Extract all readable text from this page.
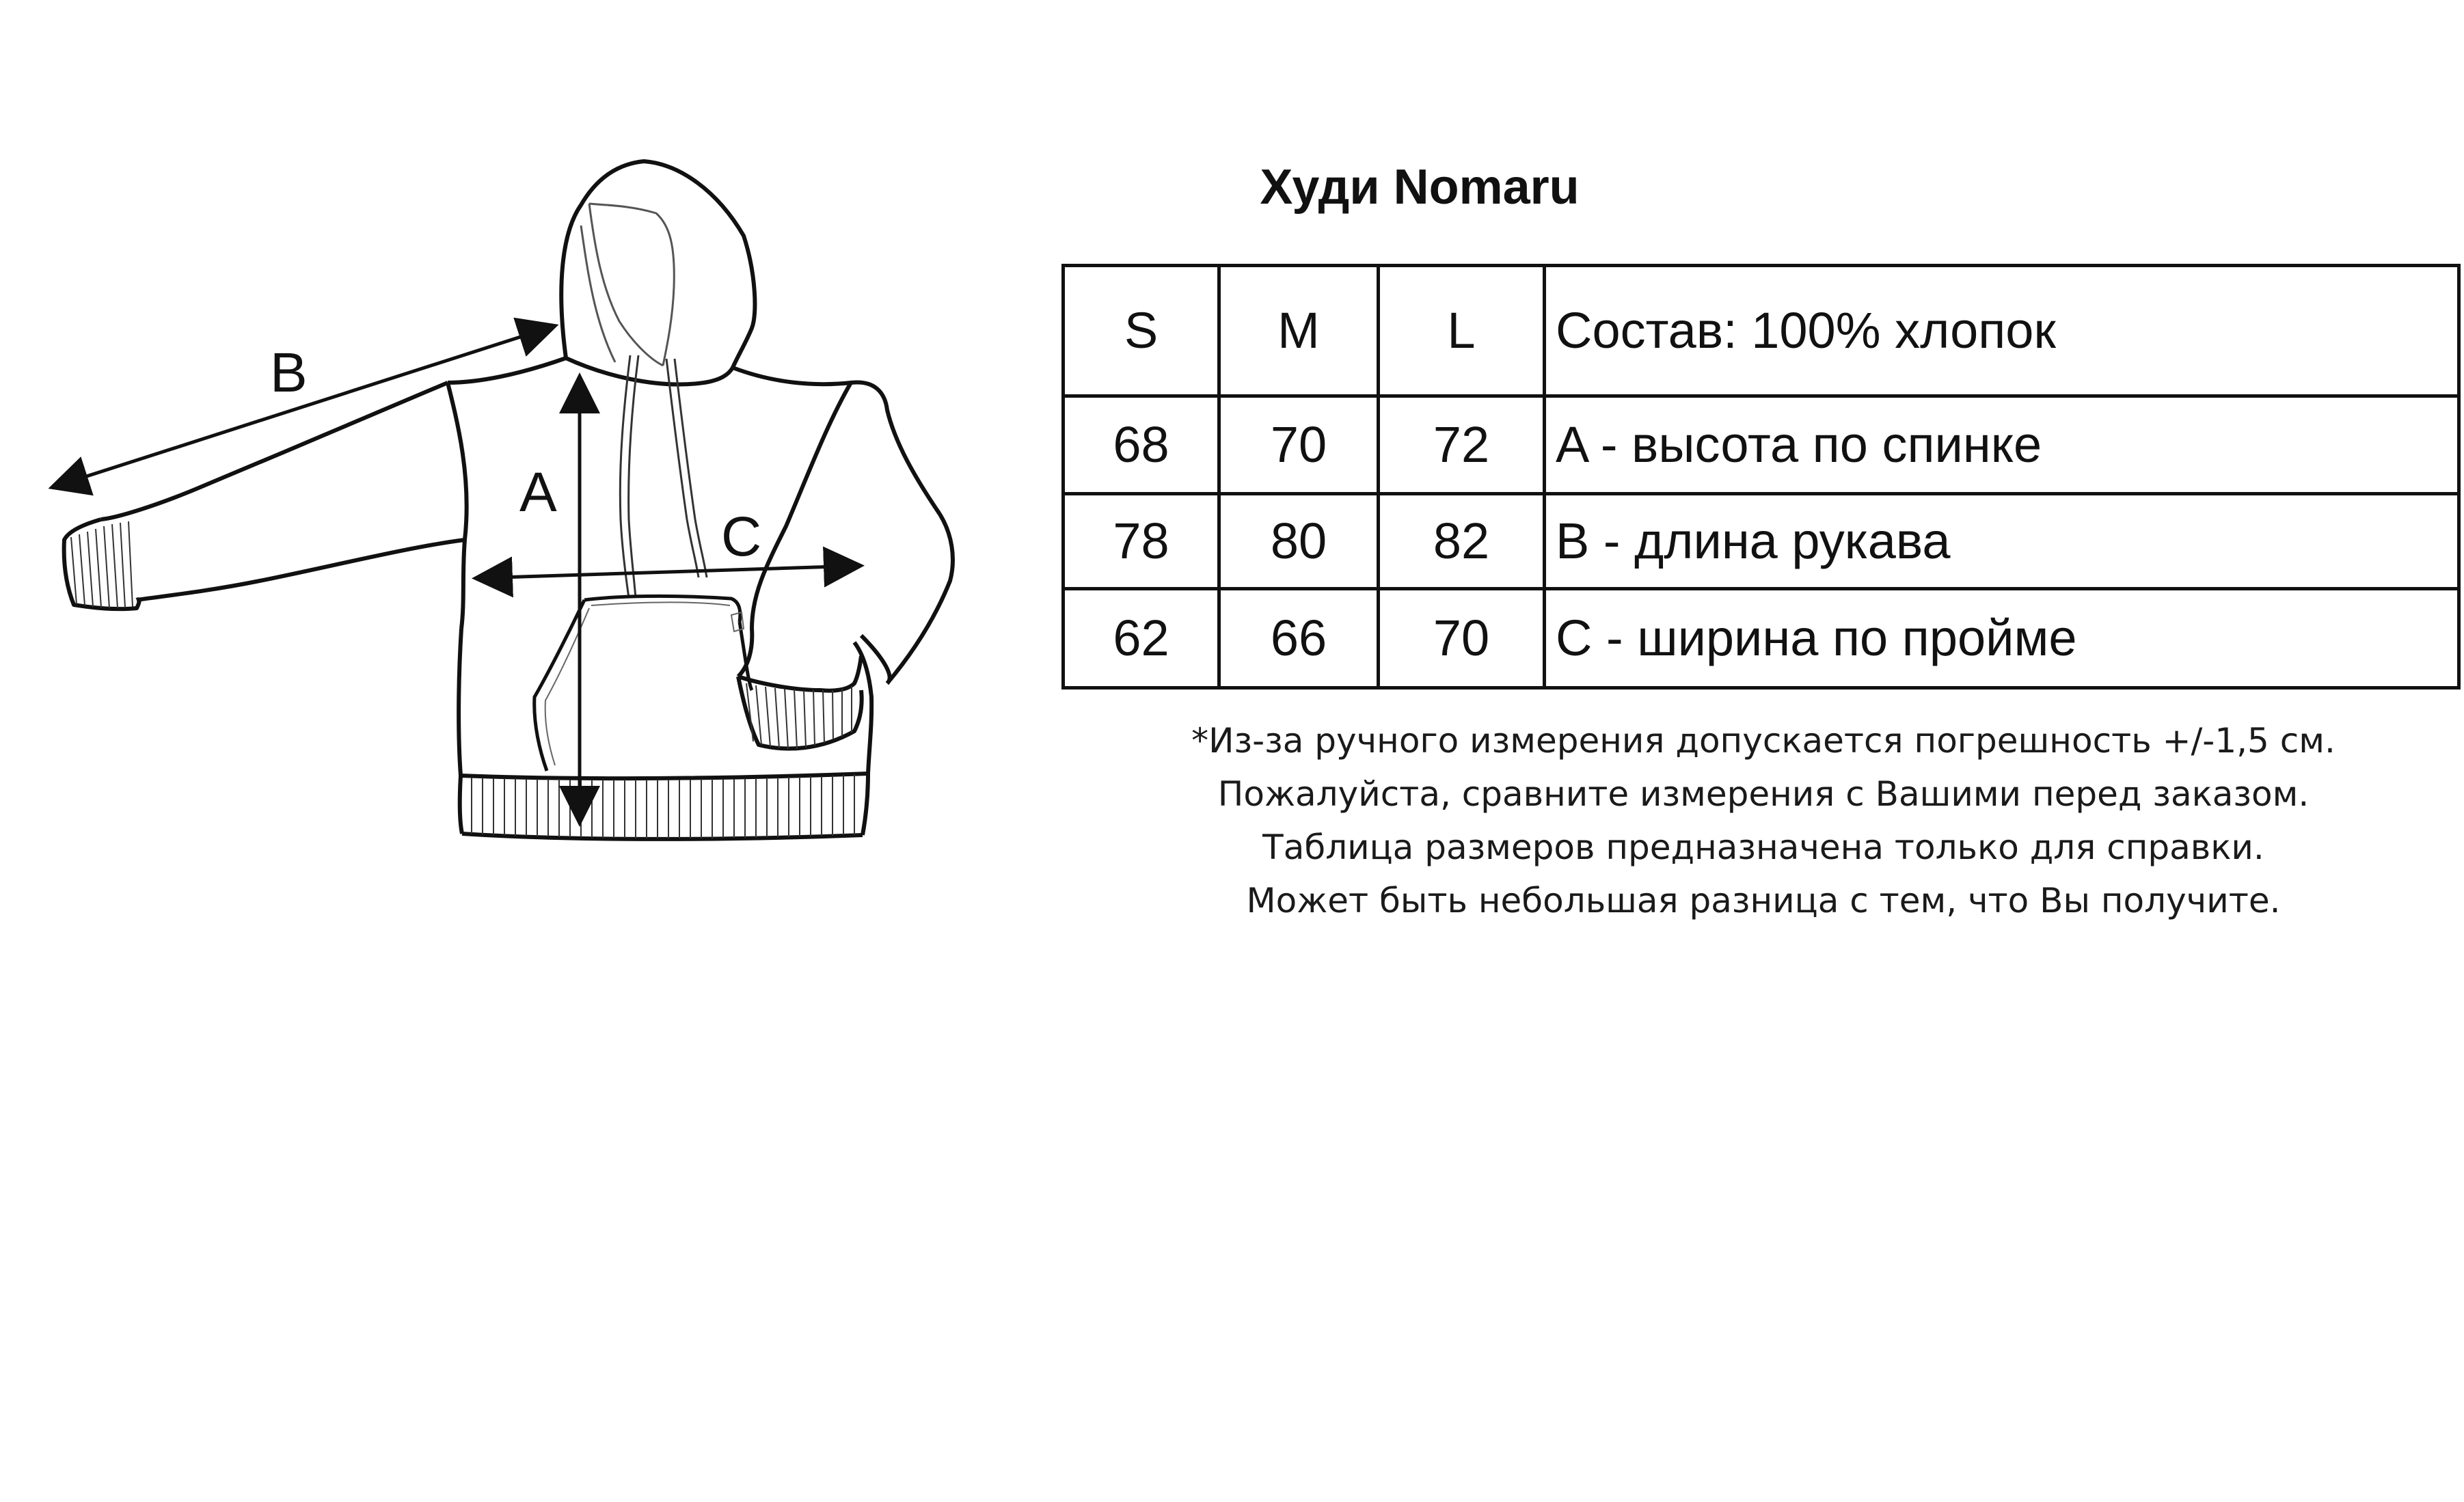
B
A
C
Худи Nomaru
S	M	L	Состав: 100% хлопок
68	70	72	A - высота по спинке
78	80	82	B - длина рукава
62	66	70	C - ширина по пройме
*Из-за ручного измерения допускается погрешность +/-1,5 см.
Пожалуйста, сравните измерения с Вашими перед заказом.
Таблица размеров предназначена только для справки.
Может быть небольшая разница с тем, что Вы получите.
